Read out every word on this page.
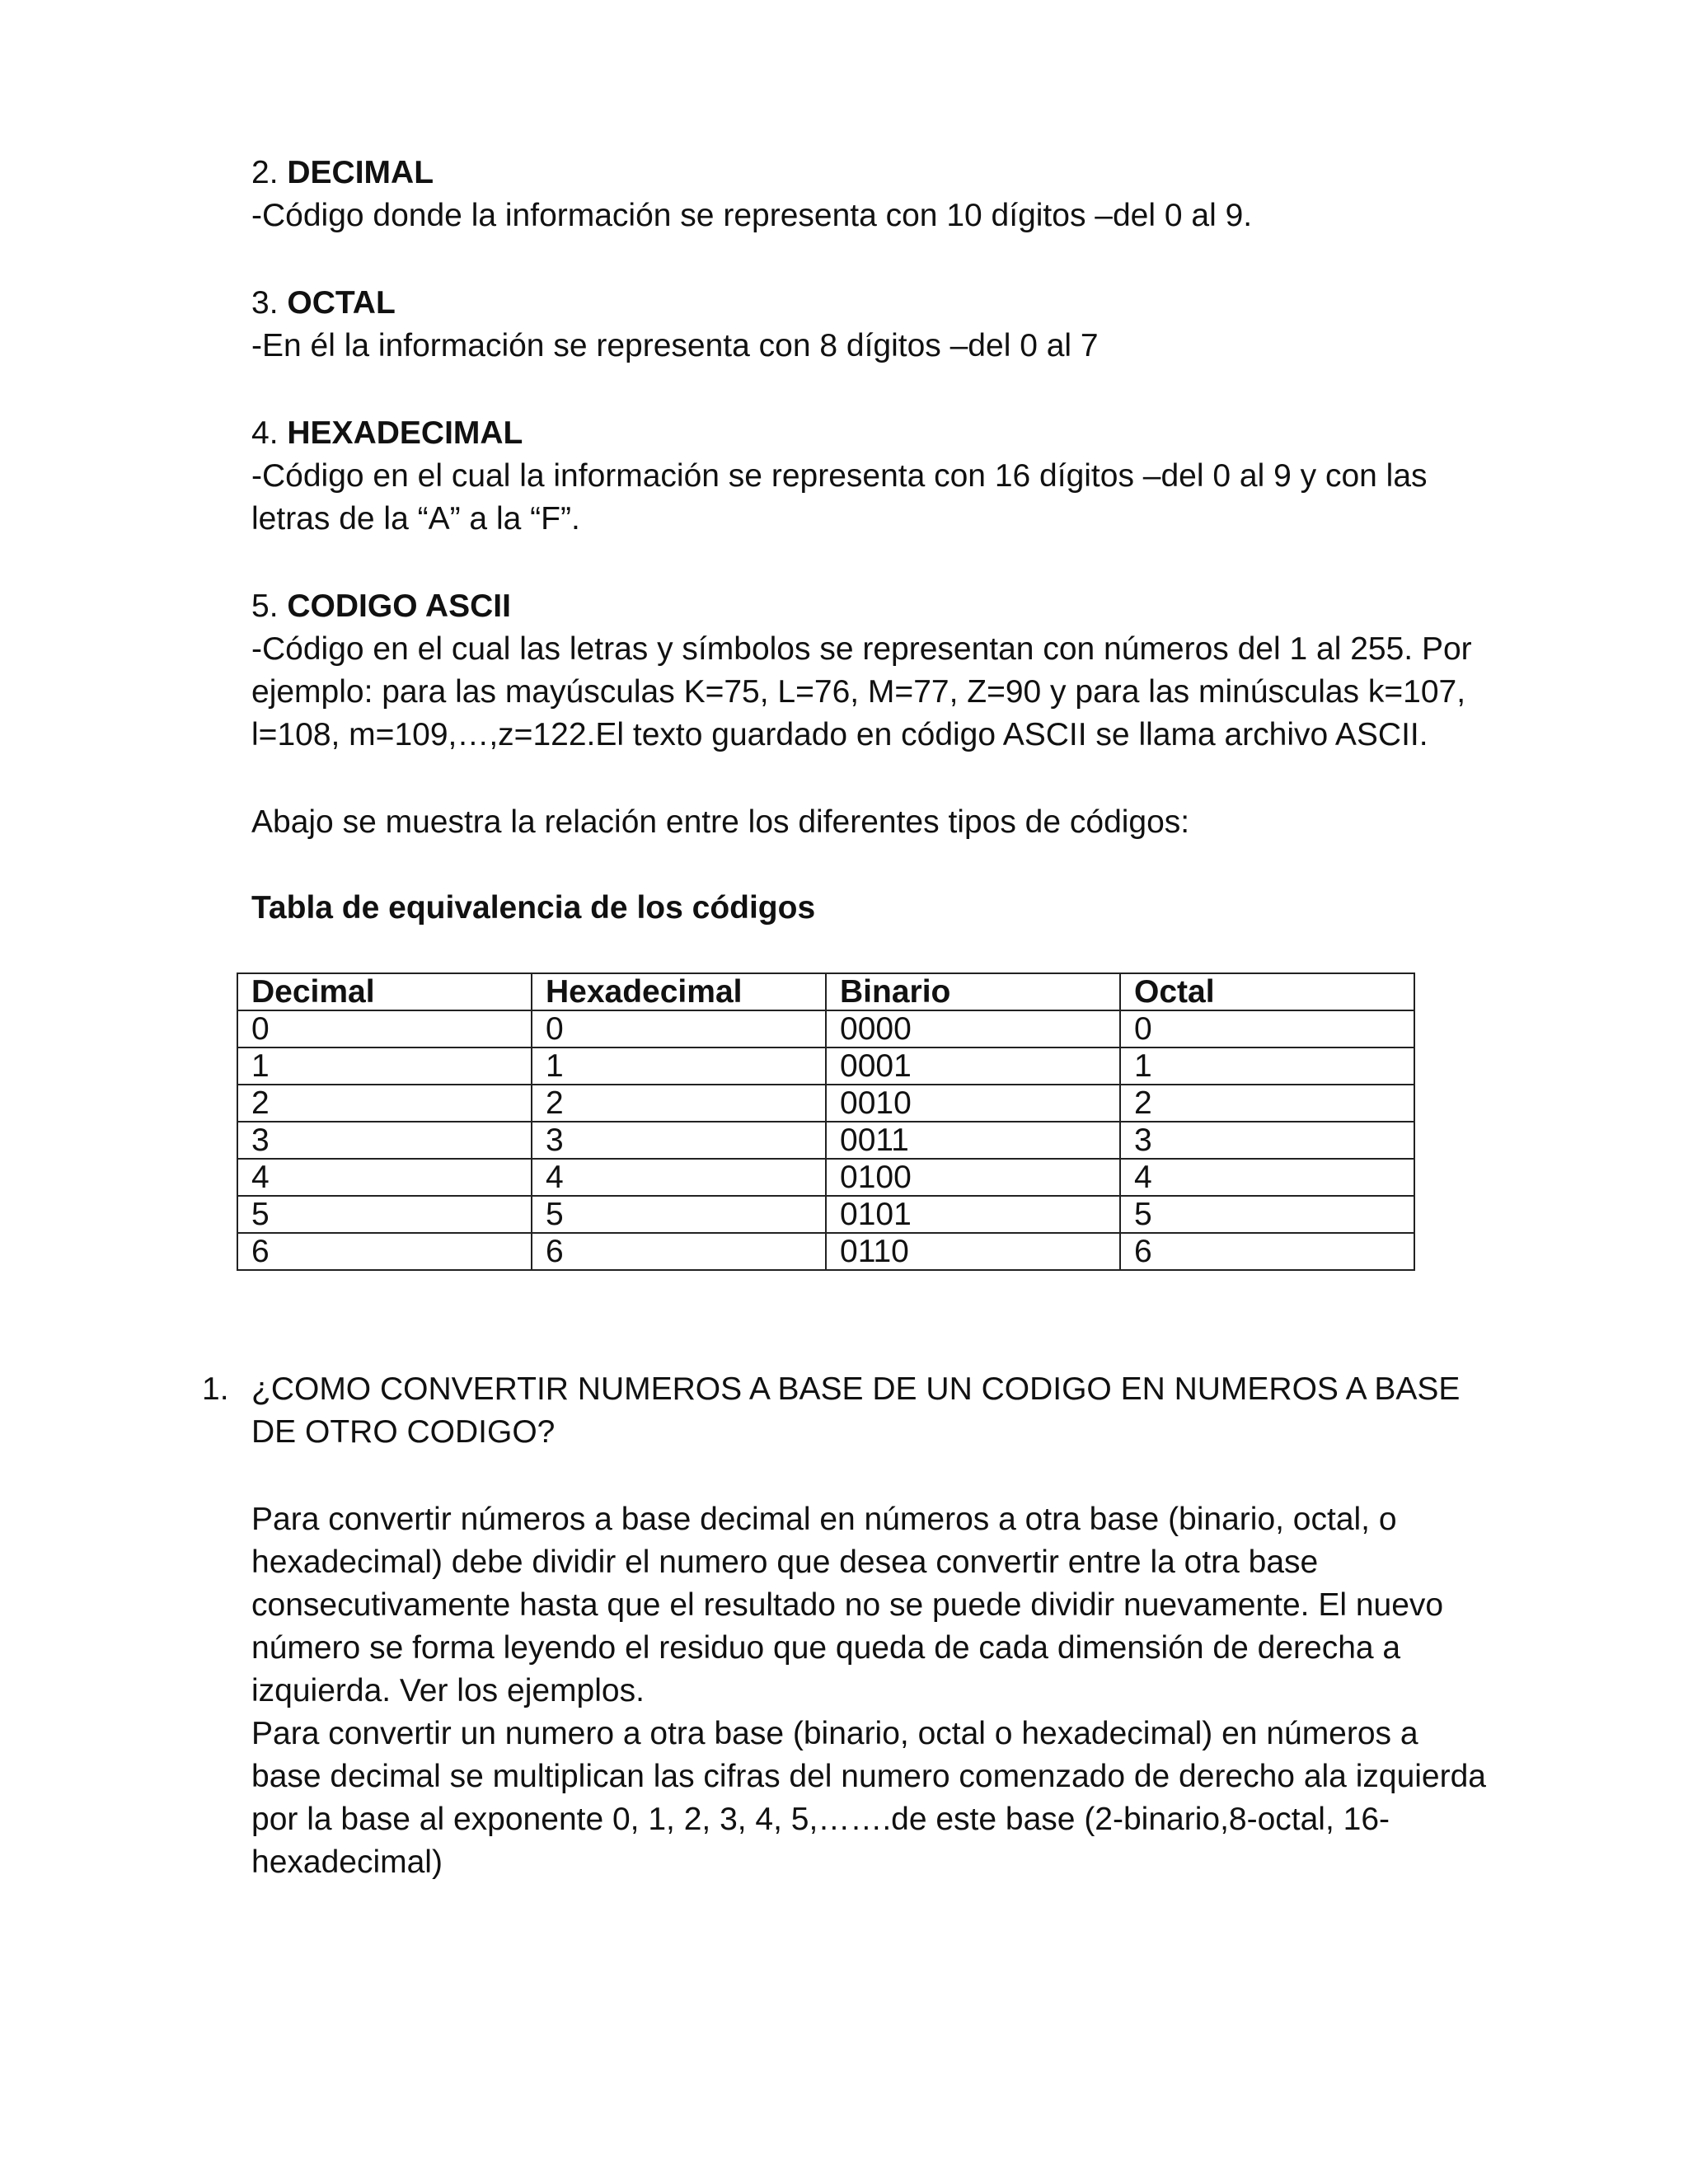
2. DECIMAL
-Código donde la información se representa con 10 dígitos –del 0 al 9.
3. OCTAL
-En él la información se representa con 8 dígitos –del 0 al 7
4. HEXADECIMAL
-Código en el cual la información se representa con 16 dígitos –del 0 al 9 y con las
letras de la “A” a la “F”.
5. CODIGO ASCII
-Código en el cual las letras y símbolos se representan con números del 1 al 255. Por
ejemplo: para las mayúsculas K=75, L=76, M=77, Z=90 y para las minúsculas k=107,
l=108, m=109,…,z=122.El texto guardado en código ASCII se llama archivo ASCII.
Abajo se muestra la relación entre los diferentes tipos de códigos:
Tabla de equivalencia de los códigos
Decimal	Hexadecimal	Binario	Octal
0	0	0000	0
1	1	0001	1
2	2	0010	2
3	3	0011	3
4	4	0100	4
5	5	0101	5
6	6	0110	6
1. ¿COMO CONVERTIR NUMEROS A BASE DE UN CODIGO EN NUMEROS A BASE
DE OTRO CODIGO?
Para convertir números a base decimal en números a otra base (binario, octal, o
hexadecimal) debe dividir el numero que desea convertir entre la otra base
consecutivamente hasta que el resultado no se puede dividir nuevamente. El nuevo
número se forma leyendo el residuo que queda de cada dimensión de derecha a
izquierda. Ver los ejemplos.
Para convertir un numero a otra base (binario, octal o hexadecimal) en números a
base decimal se multiplican las cifras del numero comenzado de derecho ala izquierda
por la base al exponente 0, 1, 2, 3, 4, 5,…….de este base (2-binario,8-octal, 16-
hexadecimal)
